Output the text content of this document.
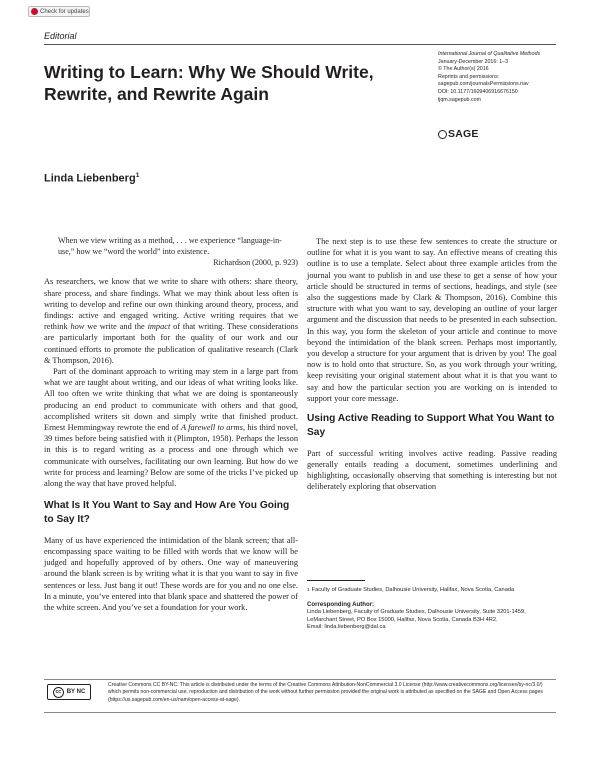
Check for updates
Editorial
International Journal of Qualitative Methods
January-December 2016: 1–3
© The Author(s) 2016
Reprints and permissions:
sagepub.com/journalsPermissions.nav
DOI: 10.1177/1609406916676150
ijqm.sagepub.com
SAGE
Writing to Learn: Why We Should Write, Rewrite, and Rewrite Again
Linda Liebenberg$^1$

When we view writing as a method, . . . we experience “language-in-use,” how we “word the world” into existence.

Richardson (2000, p. 923)

As researchers, we know that we write to share with others: share theory, share process, and share findings. What we may think about less often is writing to develop and refine our own thinking around theory, process, and findings: active and engaged writing. Active writing requires that we rethink how we write and the impact of that writing. These considerations are particularly important both for the quality of our work and our continued efforts to promote the publication of qualitative research (Clark & Thompson, 2016).

Part of the dominant approach to writing may stem in a large part from what we are taught about writing, and our ideas of what writing looks like. All too often we write thinking that what we are doing is spontaneously producing an end product to communicate with others and that good, accomplished writers sit down and simply write that finished product. Ernest Hemmingway rewrote the end of A farewell to arms, his third novel, 39 times before being satisfied with it (Plimpton, 1958). Perhaps the lesson in this is to regard writing as a process and one through which we communicate with ourselves, facilitating our own learning. But how do we write for process and learning? Below are some of the tricks I’ve picked up along the way that have proved helpful.

What Is It You Want to Say and How Are You Going to Say It?

Many of us have experienced the intimidation of the blank screen; that all-encompassing space waiting to be filled with words that we know will be judged and hopefully approved of by others. One way of maneuvering around the blank screen is by writing what it is that you want to say in five sentences or less. Just bang it out! These words are for you and no one else. In a minute, you’ve entered into that blank space and shattered the power of the white screen. And you’ve set a foundation for your work.

The next step is to use these few sentences to create the structure or outline for what it is you want to say. An effective means of creating this outline is to use a template. Select about three example articles from the journal you want to publish in and use these to get a sense of how your article should be structured in terms of sections, headings, and style (see also the suggestions made by Clark & Thompson, 2016). Combine this structure with what you want to say, developing an outline of your larger argument and the discussion that needs to be presented in each subsection. In this way, you form the skeleton of your article and continue to move beyond the intimidation of the blank screen. Perhaps most importantly, you develop a structure for your argument that is driven by you! The goal now is to hold onto that structure. So, as you work through your writing, keep revisiting your original statement about what it is that you want to say and how the particular section you are working on is intended to support your core message.

Using Active Reading to Support What You Want to Say

Part of successful writing involves active reading. Passive reading generally entails reading a document, sometimes underlining and highlighting, occasionally observing that something is interesting but not deliberately exploring that observation

1 Faculty of Graduate Studies, Dalhousie University, Halifax, Nova Scotia, Canada
Corresponding Author:
Linda Liebenberg, Faculty of Graduate Studies, Dalhousie University, Suite 3201-1459, LeMarchant Street, PO Box 15000, Halifax, Nova Scotia, Canada B3H 4R2.
Email: linda.liebenberg@dal.ca
cc BY NC
Creative Commons CC BY-NC: This article is distributed under the terms of the Creative Commons Attribution-NonCommercial 3.0 License (http://www.creativecommons.org/licenses/by-nc/3.0/) which permits non-commercial use, reproduction and distribution of the work without further permission provided the original work is attributed as specified on the SAGE and Open Access pages (https://us.sagepub.com/en-us/nam/open-access-at-sage).
